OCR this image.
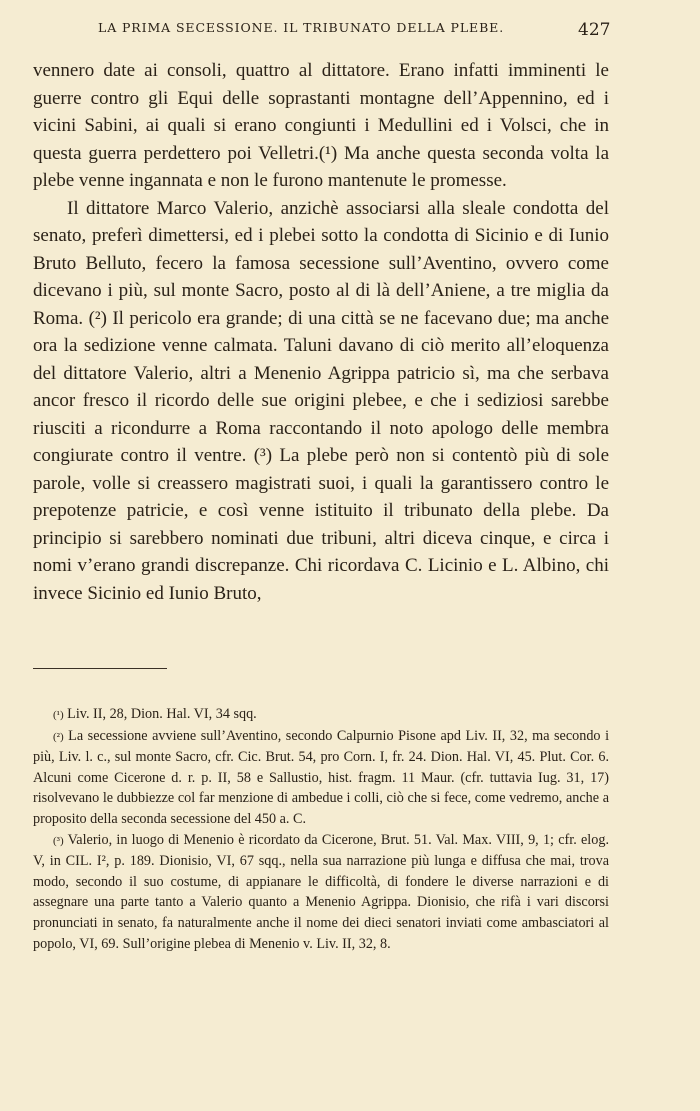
LA PRIMA SECESSIONE. IL TRIBUNATO DELLA PLEBE.	427

vennero date ai consoli, quattro al dittatore. Erano infatti imminenti le guerre contro gli Equi delle soprastanti montagne dell’Appennino, ed i vicini Sabini, ai quali si erano congiunti i Medullini ed i Volsci, che in questa guerra perdettero poi Velletri.(¹) Ma anche questa seconda volta la plebe venne ingannata e non le furono mantenute le promesse.

Il dittatore Marco Valerio, anzichè associarsi alla sleale condotta del senato, preferì dimettersi, ed i plebei sotto la condotta di Sicinio e di Iunio Bruto Belluto, fecero la famosa secessione sull’Aventino, ovvero come dicevano i più, sul monte Sacro, posto al di là dell’Aniene, a tre miglia da Roma. (²) Il pericolo era grande; di una città se ne facevano due; ma anche ora la sedizione venne calmata. Taluni davano di ciò merito all’eloquenza del dittatore Valerio, altri a Menenio Agrippa patricio sì, ma che serbava ancor fresco il ricordo delle sue origini plebee, e che i sediziosi sarebbe riusciti a ricondurre a Roma raccontando il noto apologo delle membra congiurate contro il ventre. (³) La plebe però non si contentò più di sole parole, volle si creassero magistrati suoi, i quali la garantissero contro le prepotenze patricie, e così venne istituito il tribunato della plebe. Da principio si sarebbero nominati due tribuni, altri diceva cinque, e circa i nomi v’erano grandi discrepanze. Chi ricordava C. Licinio e L. Albino, chi invece Sicinio ed Iunio Bruto,

(¹) Liv. II, 28, Dion. Hal. VI, 34 sqq.

(²) La secessione avviene sull’Aventino, secondo Calpurnio Pisone apd Liv. II, 32, ma secondo i più, Liv. l. c., sul monte Sacro, cfr. Cic. Brut. 54, pro Corn. I, fr. 24. Dion. Hal. VI, 45. Plut. Cor. 6. Alcuni come Cicerone d. r. p. II, 58 e Sallustio, hist. fragm. 11 Maur. (cfr. tuttavia Iug. 31, 17) risolvevano le dubbiezze col far menzione di ambedue i colli, ciò che si fece, come vedremo, anche a proposito della seconda secessione del 450 a. C.

(³) Valerio, in luogo di Menenio è ricordato da Cicerone, Brut. 51. Val. Max. VIII, 9, 1; cfr. elog. V, in CIL. I², p. 189. Dionisio, VI, 67 sqq., nella sua narrazione più lunga e diffusa che mai, trova modo, secondo il suo costume, di appianare le difficoltà, di fondere le diverse narrazioni e di assegnare una parte tanto a Valerio quanto a Menenio Agrippa. Dionisio, che rifà i vari discorsi pronunciati in senato, fa naturalmente anche il nome dei dieci senatori inviati come ambasciatori al popolo, VI, 69. Sull’origine plebea di Menenio v. Liv. II, 32, 8.
